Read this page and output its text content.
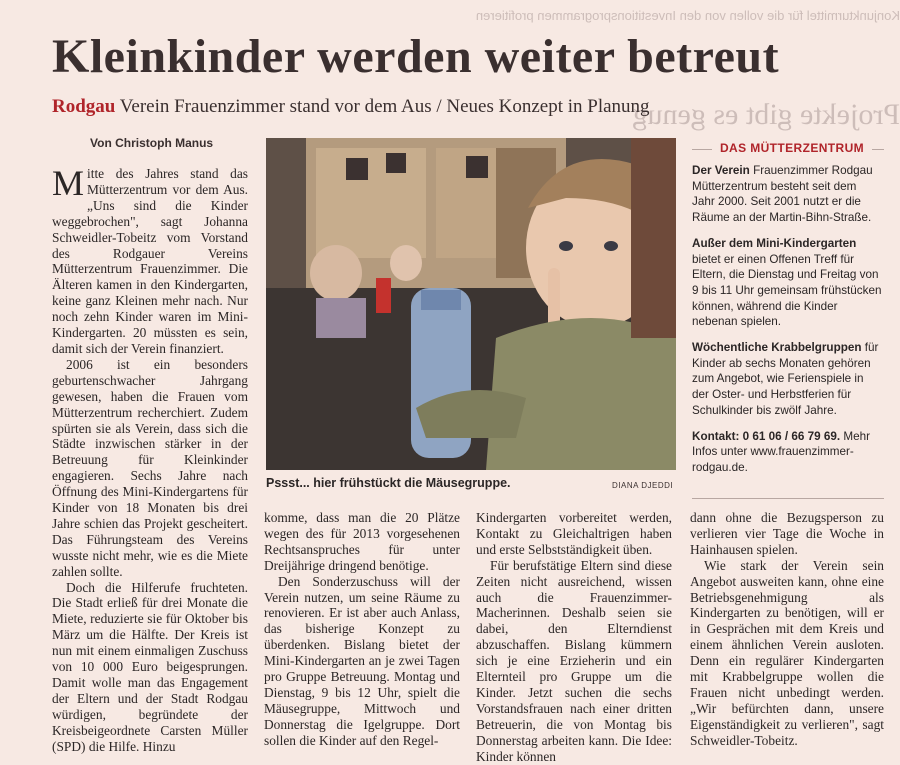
Konjunkturmittel für die vollen von den Investitionsprogrammen profitieren
Projekte gibt es genug
Kleinkinder werden weiter betreut
Rodgau Verein Frauenzimmer stand vor dem Aus / Neues Konzept in Planung
Von Christoph Manus

Mitte des Jahres stand das Mütterzentrum vor dem Aus. „Uns sind die Kinder weggebrochen", sagt Johanna Schweidler-Tobeitz vom Vorstand des Rodgauer Vereins Mütterzentrum Frauenzimmer. Die Älteren kamen in den Kindergarten, keine ganz Kleinen mehr nach. Nur noch zehn Kinder waren im Mini-Kindergarten. 20 müssten es sein, damit sich der Verein finanziert.

2006 ist ein besonders geburtenschwacher Jahrgang gewesen, haben die Frauen vom Mütterzentrum recherchiert. Zudem spürten sie als Verein, dass sich die Städte inzwischen stärker in der Betreuung für Kleinkinder engagieren. Sechs Jahre nach Öffnung des Mini-Kindergartens für Kinder von 18 Monaten bis drei Jahre schien das Projekt gescheitert. Das Führungsteam des Vereins wusste nicht mehr, wie es die Miete zahlen sollte.

Doch die Hilferufe fruchteten. Die Stadt erließ für drei Monate die Miete, reduzierte sie für Oktober bis März um die Hälfte. Der Kreis ist nun mit einem einmaligen Zuschuss von 10 000 Euro beigesprungen. Damit wolle man das Engagement der Eltern und der Stadt Rodgau würdigen, begründete der Kreisbeigeordnete Carsten Müller (SPD) die Hilfe. Hinzu

Pssst... hier frühstückt die Mäusegruppe.	DIANA DJEDDI

komme, dass man die 20 Plätze wegen des für 2013 vorgesehenen Rechtsanspruches für unter Dreijährige dringend benötige.

Den Sonderzuschuss will der Verein nutzen, um seine Räume zu renovieren. Er ist aber auch Anlass, das bisherige Konzept zu überdenken. Bislang bietet der Mini-Kindergarten an je zwei Tagen pro Gruppe Betreuung. Montag und Dienstag, 9 bis 12 Uhr, spielt die Mäusegruppe, Mittwoch und Donnerstag die Igelgruppe. Dort sollen die Kinder auf den Regel-

Kindergarten vorbereitet werden, Kontakt zu Gleichaltrigen haben und erste Selbstständigkeit üben.

Für berufstätige Eltern sind diese Zeiten nicht ausreichend, wissen auch die Frauenzimmer-Macherinnen. Deshalb seien sie dabei, den Elterndienst abzuschaffen. Bislang kümmern sich je eine Erzieherin und ein Elternteil pro Gruppe um die Kinder. Jetzt suchen die sechs Vorstandsfrauen nach einer dritten Betreuerin, die von Montag bis Donnerstag arbeiten kann. Die Idee: Kinder können

dann ohne die Bezugsperson zu verlieren vier Tage die Woche in Hainhausen spielen.

Wie stark der Verein sein Angebot ausweiten kann, ohne eine Betriebsgenehmigung als Kindergarten zu benötigen, will er in Gesprächen mit dem Kreis und einem ähnlichen Verein ausloten. Denn ein regulärer Kindergarten mit Krabbelgruppe wollen die Frauen nicht unbedingt werden. „Wir befürchten dann, unsere Eigenständigkeit zu verlieren", sagt Schweidler-Tobeitz.

DAS MÜTTERZENTRUM

Der Verein Frauenzimmer Rodgau Mütterzentrum besteht seit dem Jahr 2000. Seit 2001 nutzt er die Räume an der Martin-Bihn-Straße.

Außer dem Mini-Kindergarten bietet er einen Offenen Treff für Eltern, die Dienstag und Freitag von 9 bis 11 Uhr gemeinsam frühstücken können, während die Kinder nebenan spielen.

Wöchentliche Krabbelgruppen für Kinder ab sechs Monaten gehören zum Angebot, wie Ferienspiele in der Oster- und Herbstferien für Schulkinder bis zwölf Jahre.

Kontakt: 0 61 06 / 66 79 69. Mehr Infos unter www.frauenzimmer-rodgau.de.
